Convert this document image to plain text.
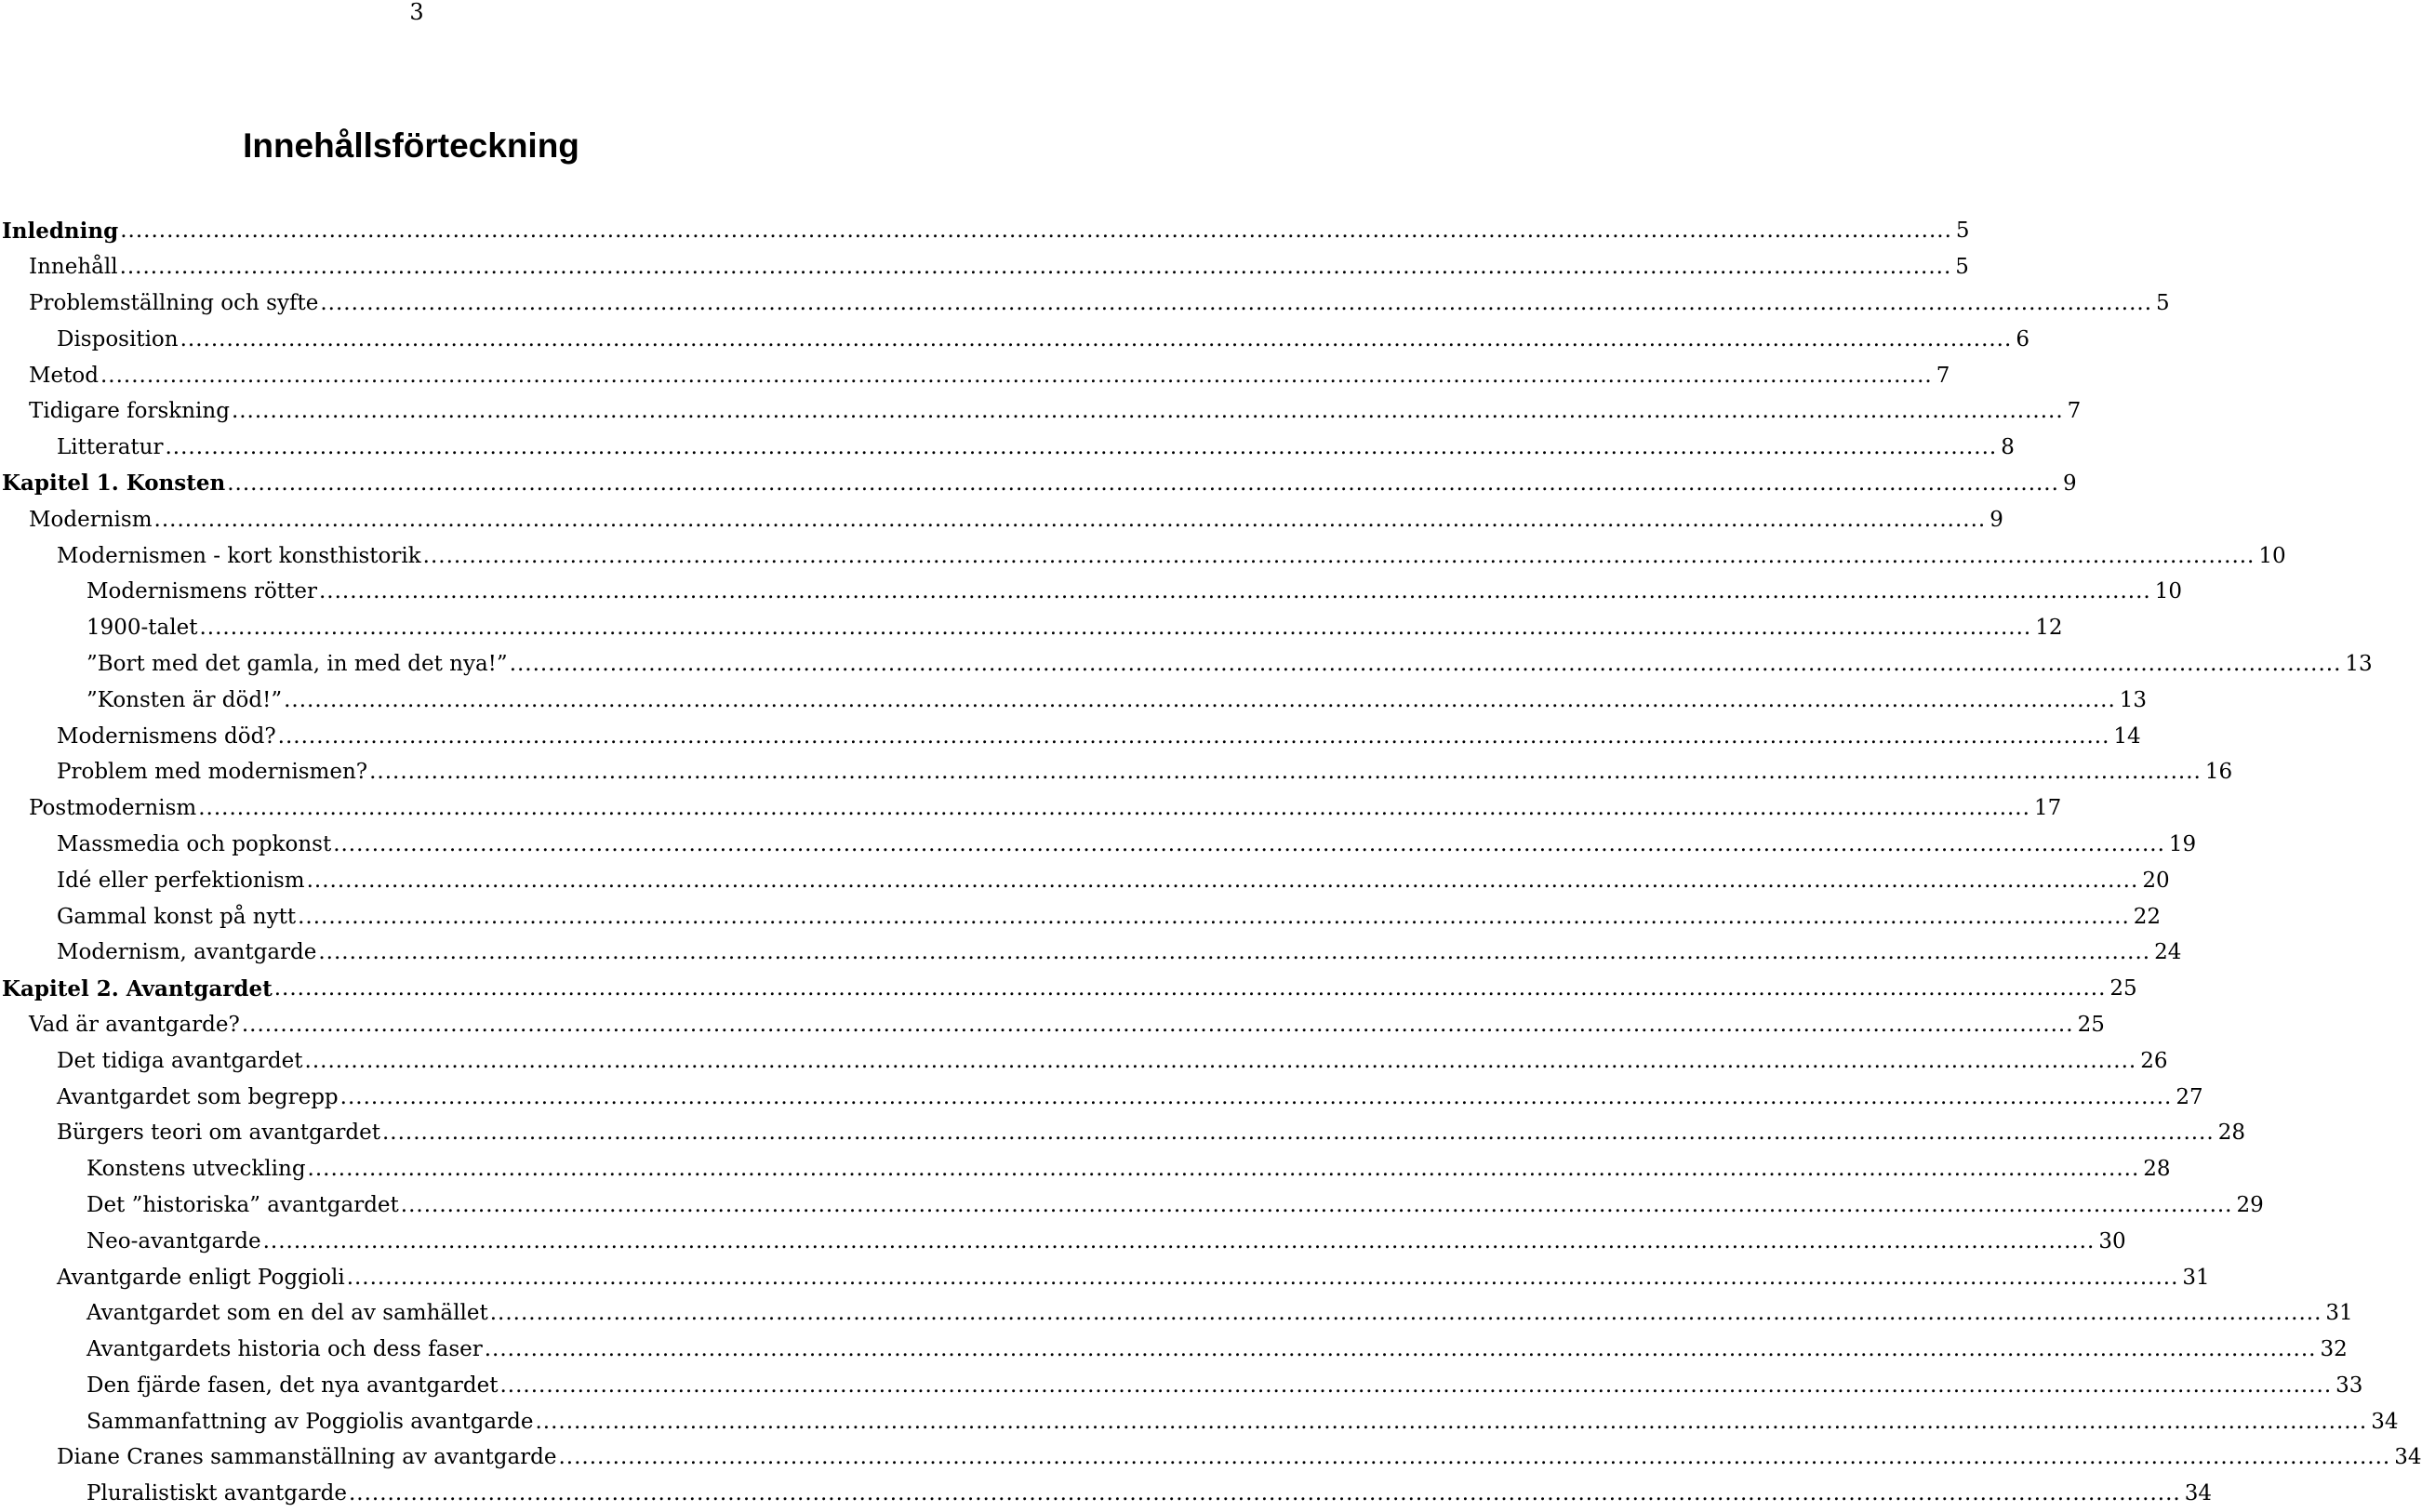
3
Innehållsförteckning
Inledning .....	5
Innehåll .....	5
Problemställning och syfte .....	5
Disposition .....	6
Metod .....	7
Tidigare forskning .....	7
Litteratur .....	8
Kapitel 1. Konsten .....	9
Modernism .....	9
Modernismen - kort konsthistorik .....	10
Modernismens rötter .....	10
1900-talet .....	12
”Bort med det gamla, in med det nya!” .....	13
”Konsten är död!” .....	13
Modernismens död? .....	14
Problem med modernismen? .....	16
Postmodernism .....	17
Massmedia och popkonst .....	19
Idé eller perfektionism .....	20
Gammal konst på nytt .....	22
Modernism, avantgarde .....	24
Kapitel 2. Avantgardet .....	25
Vad är avantgarde? .....	25
Det tidiga avantgardet .....	26
Avantgardet som begrepp .....	27
Bürgers teori om avantgardet .....	28
Konstens utveckling .....	28
Det ”historiska” avantgardet .....	29
Neo-avantgarde .....	30
Avantgarde enligt Poggioli .....	31
Avantgardet som en del av samhället .....	31
Avantgardets historia och dess faser .....	32
Den fjärde fasen, det nya avantgardet .....	33
Sammanfattning av Poggiolis avantgarde .....	34
Diane Cranes sammanställning av avantgarde .....	34
Pluralistiskt avantgarde .....	34
